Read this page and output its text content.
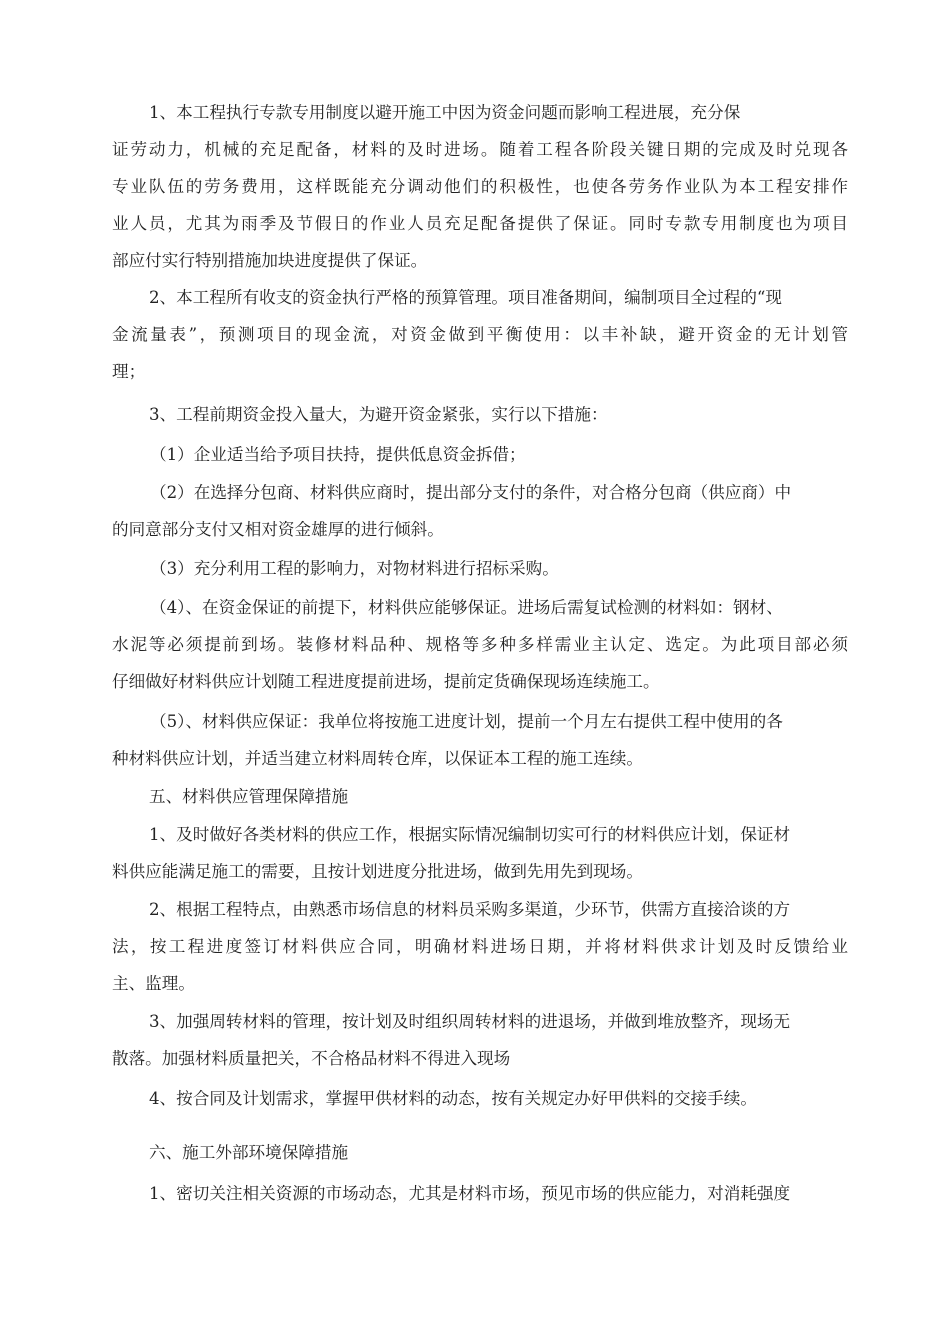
1、本工程执行专款专用制度以避开施工中因为资金问题而影响工程进展，充分保
证劳动力，机械的充足配备，材料的及时进场。随着工程各阶段关键日期的完成及时兑现各
专业队伍的劳务费用，这样既能充分调动他们的积极性，也使各劳务作业队为本工程安排作
业人员，尤其为雨季及节假日的作业人员充足配备提供了保证。同时专款专用制度也为项目
部应付实行特别措施加块进度提供了保证。
2、本工程所有收支的资金执行严格的预算管理。项目准备期间，编制项目全过程的“现
金流量表”，预测项目的现金流，对资金做到平衡使用：以丰补缺，避开资金的无计划管
理；
3、工程前期资金投入量大，为避开资金紧张，实行以下措施：
（1）企业适当给予项目扶持，提供低息资金拆借；
（2）在选择分包商、材料供应商时，提出部分支付的条件，对合格分包商（供应商）中
的同意部分支付又相对资金雄厚的进行倾斜。
（3）充分利用工程的影响力，对物材料进行招标采购。
（4）、在资金保证的前提下，材料供应能够保证。进场后需复试检测的材料如：钢材、
水泥等必须提前到场。装修材料品种、规格等多种多样需业主认定、选定。为此项目部必须
仔细做好材料供应计划随工程进度提前进场，提前定货确保现场连续施工。
（5）、材料供应保证：我单位将按施工进度计划，提前一个月左右提供工程中使用的各
种材料供应计划，并适当建立材料周转仓库，以保证本工程的施工连续。
五、材料供应管理保障措施
1、及时做好各类材料的供应工作，根据实际情况编制切实可行的材料供应计划，保证材
料供应能满足施工的需要，且按计划进度分批进场，做到先用先到现场。
2、根据工程特点，由熟悉市场信息的材料员采购多渠道，少环节，供需方直接洽谈的方
法，按工程进度签订材料供应合同，明确材料进场日期，并将材料供求计划及时反馈给业
主、监理。
3、加强周转材料的管理，按计划及时组织周转材料的进退场，并做到堆放整齐，现场无
散落。加强材料质量把关，不合格品材料不得进入现场
4、按合同及计划需求，掌握甲供材料的动态，按有关规定办好甲供料的交接手续。
六、施工外部环境保障措施
1、密切关注相关资源的市场动态，尤其是材料市场，预见市场的供应能力，对消耗强度
